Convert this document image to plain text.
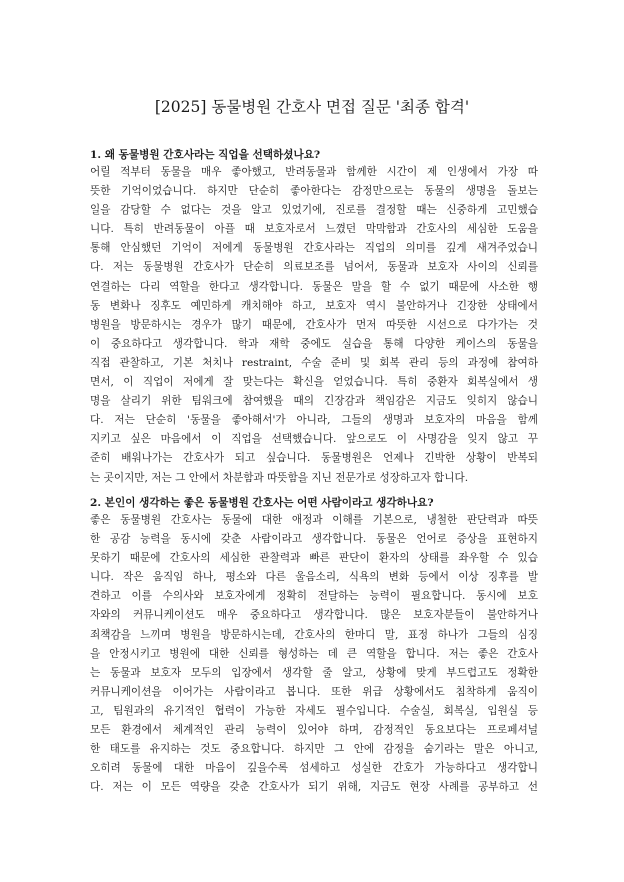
[2025] 동물병원 간호사 면접 질문 '최종 합격'
1. 왜 동물병원 간호사라는 직업을 선택하셨나요?
어릴 적부터 동물을 매우 좋아했고, 반려동물과 함께한 시간이 제 인생에서 가장 따
뜻한 기억이었습니다. 하지만 단순히 좋아한다는 감정만으로는 동물의 생명을 돌보는
일을 감당할 수 없다는 것을 알고 있었기에, 진로를 결정할 때는 신중하게 고민했습
니다. 특히 반려동물이 아플 때 보호자로서 느꼈던 막막함과 간호사의 세심한 도움을
통해 안심했던 기억이 저에게 동물병원 간호사라는 직업의 의미를 깊게 새겨주었습니
다. 저는 동물병원 간호사가 단순히 의료보조를 넘어서, 동물과 보호자 사이의 신뢰를
연결하는 다리 역할을 한다고 생각합니다. 동물은 말을 할 수 없기 때문에 사소한 행
동 변화나 징후도 예민하게 캐치해야 하고, 보호자 역시 불안하거나 긴장한 상태에서
병원을 방문하시는 경우가 많기 때문에, 간호사가 먼저 따뜻한 시선으로 다가가는 것
이 중요하다고 생각합니다. 학과 재학 중에도 실습을 통해 다양한 케이스의 동물을
직접 관찰하고, 기본 처치나 restraint, 수술 준비 및 회복 관리 등의 과정에 참여하
면서, 이 직업이 저에게 잘 맞는다는 확신을 얻었습니다. 특히 중환자 회복실에서 생
명을 살리기 위한 팀워크에 참여했을 때의 긴장감과 책임감은 지금도 잊히지 않습니
다. 저는 단순히 '동물을 좋아해서'가 아니라, 그들의 생명과 보호자의 마음을 함께
지키고 싶은 마음에서 이 직업을 선택했습니다. 앞으로도 이 사명감을 잊지 않고 꾸
준히 배워나가는 간호사가 되고 싶습니다. 동물병원은 언제나 긴박한 상황이 반복되
는 곳이지만, 저는 그 안에서 차분함과 따뜻함을 지닌 전문가로 성장하고자 합니다.
2. 본인이 생각하는 좋은 동물병원 간호사는 어떤 사람이라고 생각하나요?
좋은 동물병원 간호사는 동물에 대한 애정과 이해를 기본으로, 냉철한 판단력과 따뜻
한 공감 능력을 동시에 갖춘 사람이라고 생각합니다. 동물은 언어로 증상을 표현하지
못하기 때문에 간호사의 세심한 관찰력과 빠른 판단이 환자의 상태를 좌우할 수 있습
니다. 작은 움직임 하나, 평소와 다른 울음소리, 식욕의 변화 등에서 이상 징후를 발
견하고 이를 수의사와 보호자에게 정확히 전달하는 능력이 필요합니다. 동시에 보호
자와의 커뮤니케이션도 매우 중요하다고 생각합니다. 많은 보호자분들이 불안하거나
죄책감을 느끼며 병원을 방문하시는데, 간호사의 한마디 말, 표정 하나가 그들의 심징
을 안정시키고 병원에 대한 신뢰를 형성하는 데 큰 역할을 합니다. 저는 좋은 간호사
는 동물과 보호자 모두의 입장에서 생각할 줄 알고, 상황에 맞게 부드럽고도 정확한
커뮤니케이션을 이어가는 사람이라고 봅니다. 또한 위급 상황에서도 침착하게 움직이
고, 팀원과의 유기적인 협력이 가능한 자세도 필수입니다. 수술실, 회복실, 입원실 등
모든 환경에서 체계적인 관리 능력이 있어야 하며, 감정적인 동요보다는 프로페셔널
한 태도를 유지하는 것도 중요합니다. 하지만 그 안에 감정을 숨기라는 말은 아니고,
오히려 동물에 대한 마음이 깊을수록 섬세하고 성실한 간호가 가능하다고 생각합니
다. 저는 이 모든 역량을 갖춘 간호사가 되기 위해, 지금도 현장 사례를 공부하고 선
